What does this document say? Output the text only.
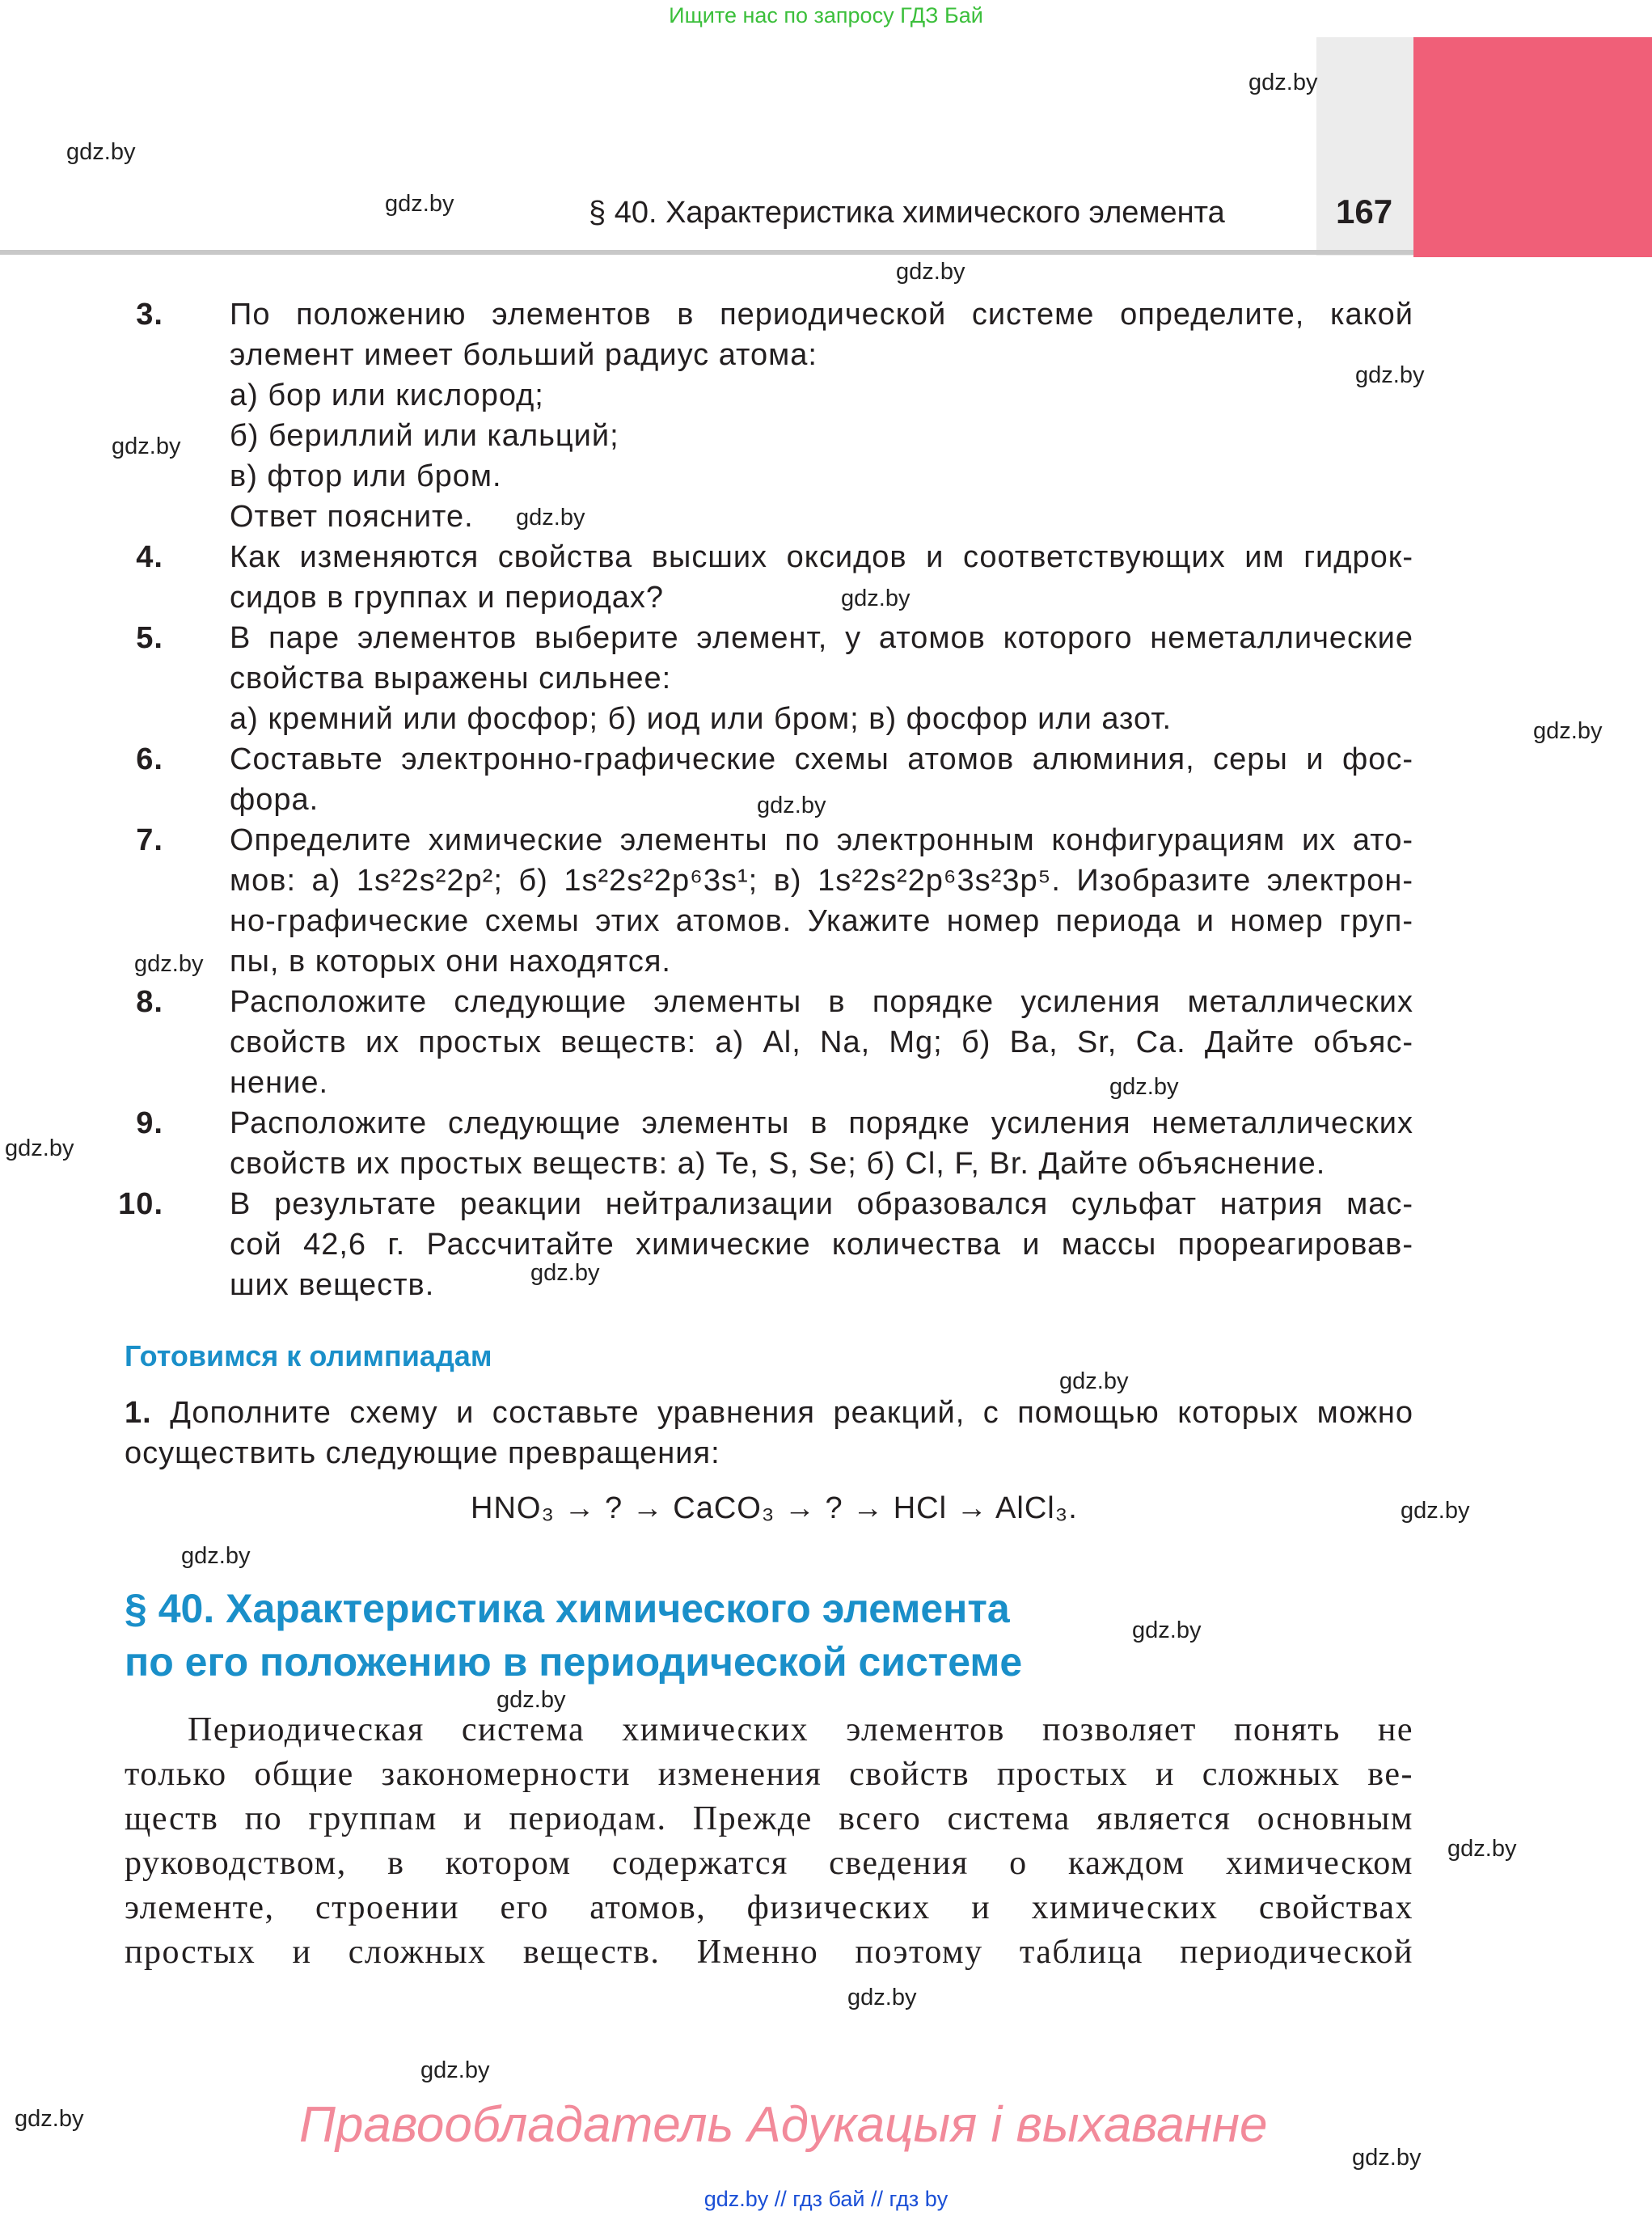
Ищите нас по запросу ГДЗ Бай
§ 40. Характеристика химического элемента	167
gdz.by
gdz.by
gdz.by
gdz.by
gdz.by
gdz.by
gdz.by
gdz.by
gdz.by
gdz.by
gdz.by
gdz.by
gdz.by
gdz.by
gdz.by
gdz.by
gdz.by
gdz.by
gdz.by
gdz.by
gdz.by
gdz.by
gdz.by
gdz.by
3. По положению элементов в периодической системе определите, какой
элемент имеет больший радиус атома:
а) бор или кислород;
б) бериллий или кальций;
в) фтор или бром.
Ответ поясните.
4. Как изменяются свойства высших оксидов и соответствующих им гидрок-
сидов в группах и периодах?
5. В паре элементов выберите элемент, у атомов которого неметаллические
свойства выражены сильнее:
а) кремний или фосфор; б) иод или бром; в) фосфор или азот.
6. Составьте электронно-графические схемы атомов алюминия, серы и фос-
фора.
7. Определите химические элементы по электронным конфигурациям их ато-
мов: а) 1s²2s²2p²; б) 1s²2s²2p⁶3s¹; в) 1s²2s²2p⁶3s²3p⁵. Изобразите электрон-
но-графические схемы этих атомов. Укажите номер периода и номер груп-
пы, в которых они находятся.
8. Расположите следующие элементы в порядке усиления металлических
свойств их простых веществ: а) Al, Na, Mg; б) Ba, Sr, Ca. Дайте объяс-
нение.
9. Расположите следующие элементы в порядке усиления неметаллических
свойств их простых веществ: а) Te, S, Se; б) Cl, F, Br. Дайте объяснение.
10. В результате реакции нейтрализации образовался сульфат натрия мас-
сой 42,6 г. Рассчитайте химические количества и массы прореагировав-
ших веществ.
Готовимся к олимпиадам
1. Дополните схему и составьте уравнения реакций, с помощью которых можно
осуществить следующие превращения:
HNO₃ → ? → CaCO₃ → ? → HCl → AlCl₃.
§ 40. Характеристика химического элемента
по его положению в периодической системе
Периодическая система химических элементов позволяет понять не
только общие закономерности изменения свойств простых и сложных ве-
ществ по группам и периодам. Прежде всего система является основным
руководством, в котором содержатся сведения о каждом химическом
элементе, строении его атомов, физических и химических свойствах
простых и сложных веществ. Именно поэтому таблица периодической
Правообладатель Адукацыя і выхаванне
gdz.by // гдз бай // гдз by
